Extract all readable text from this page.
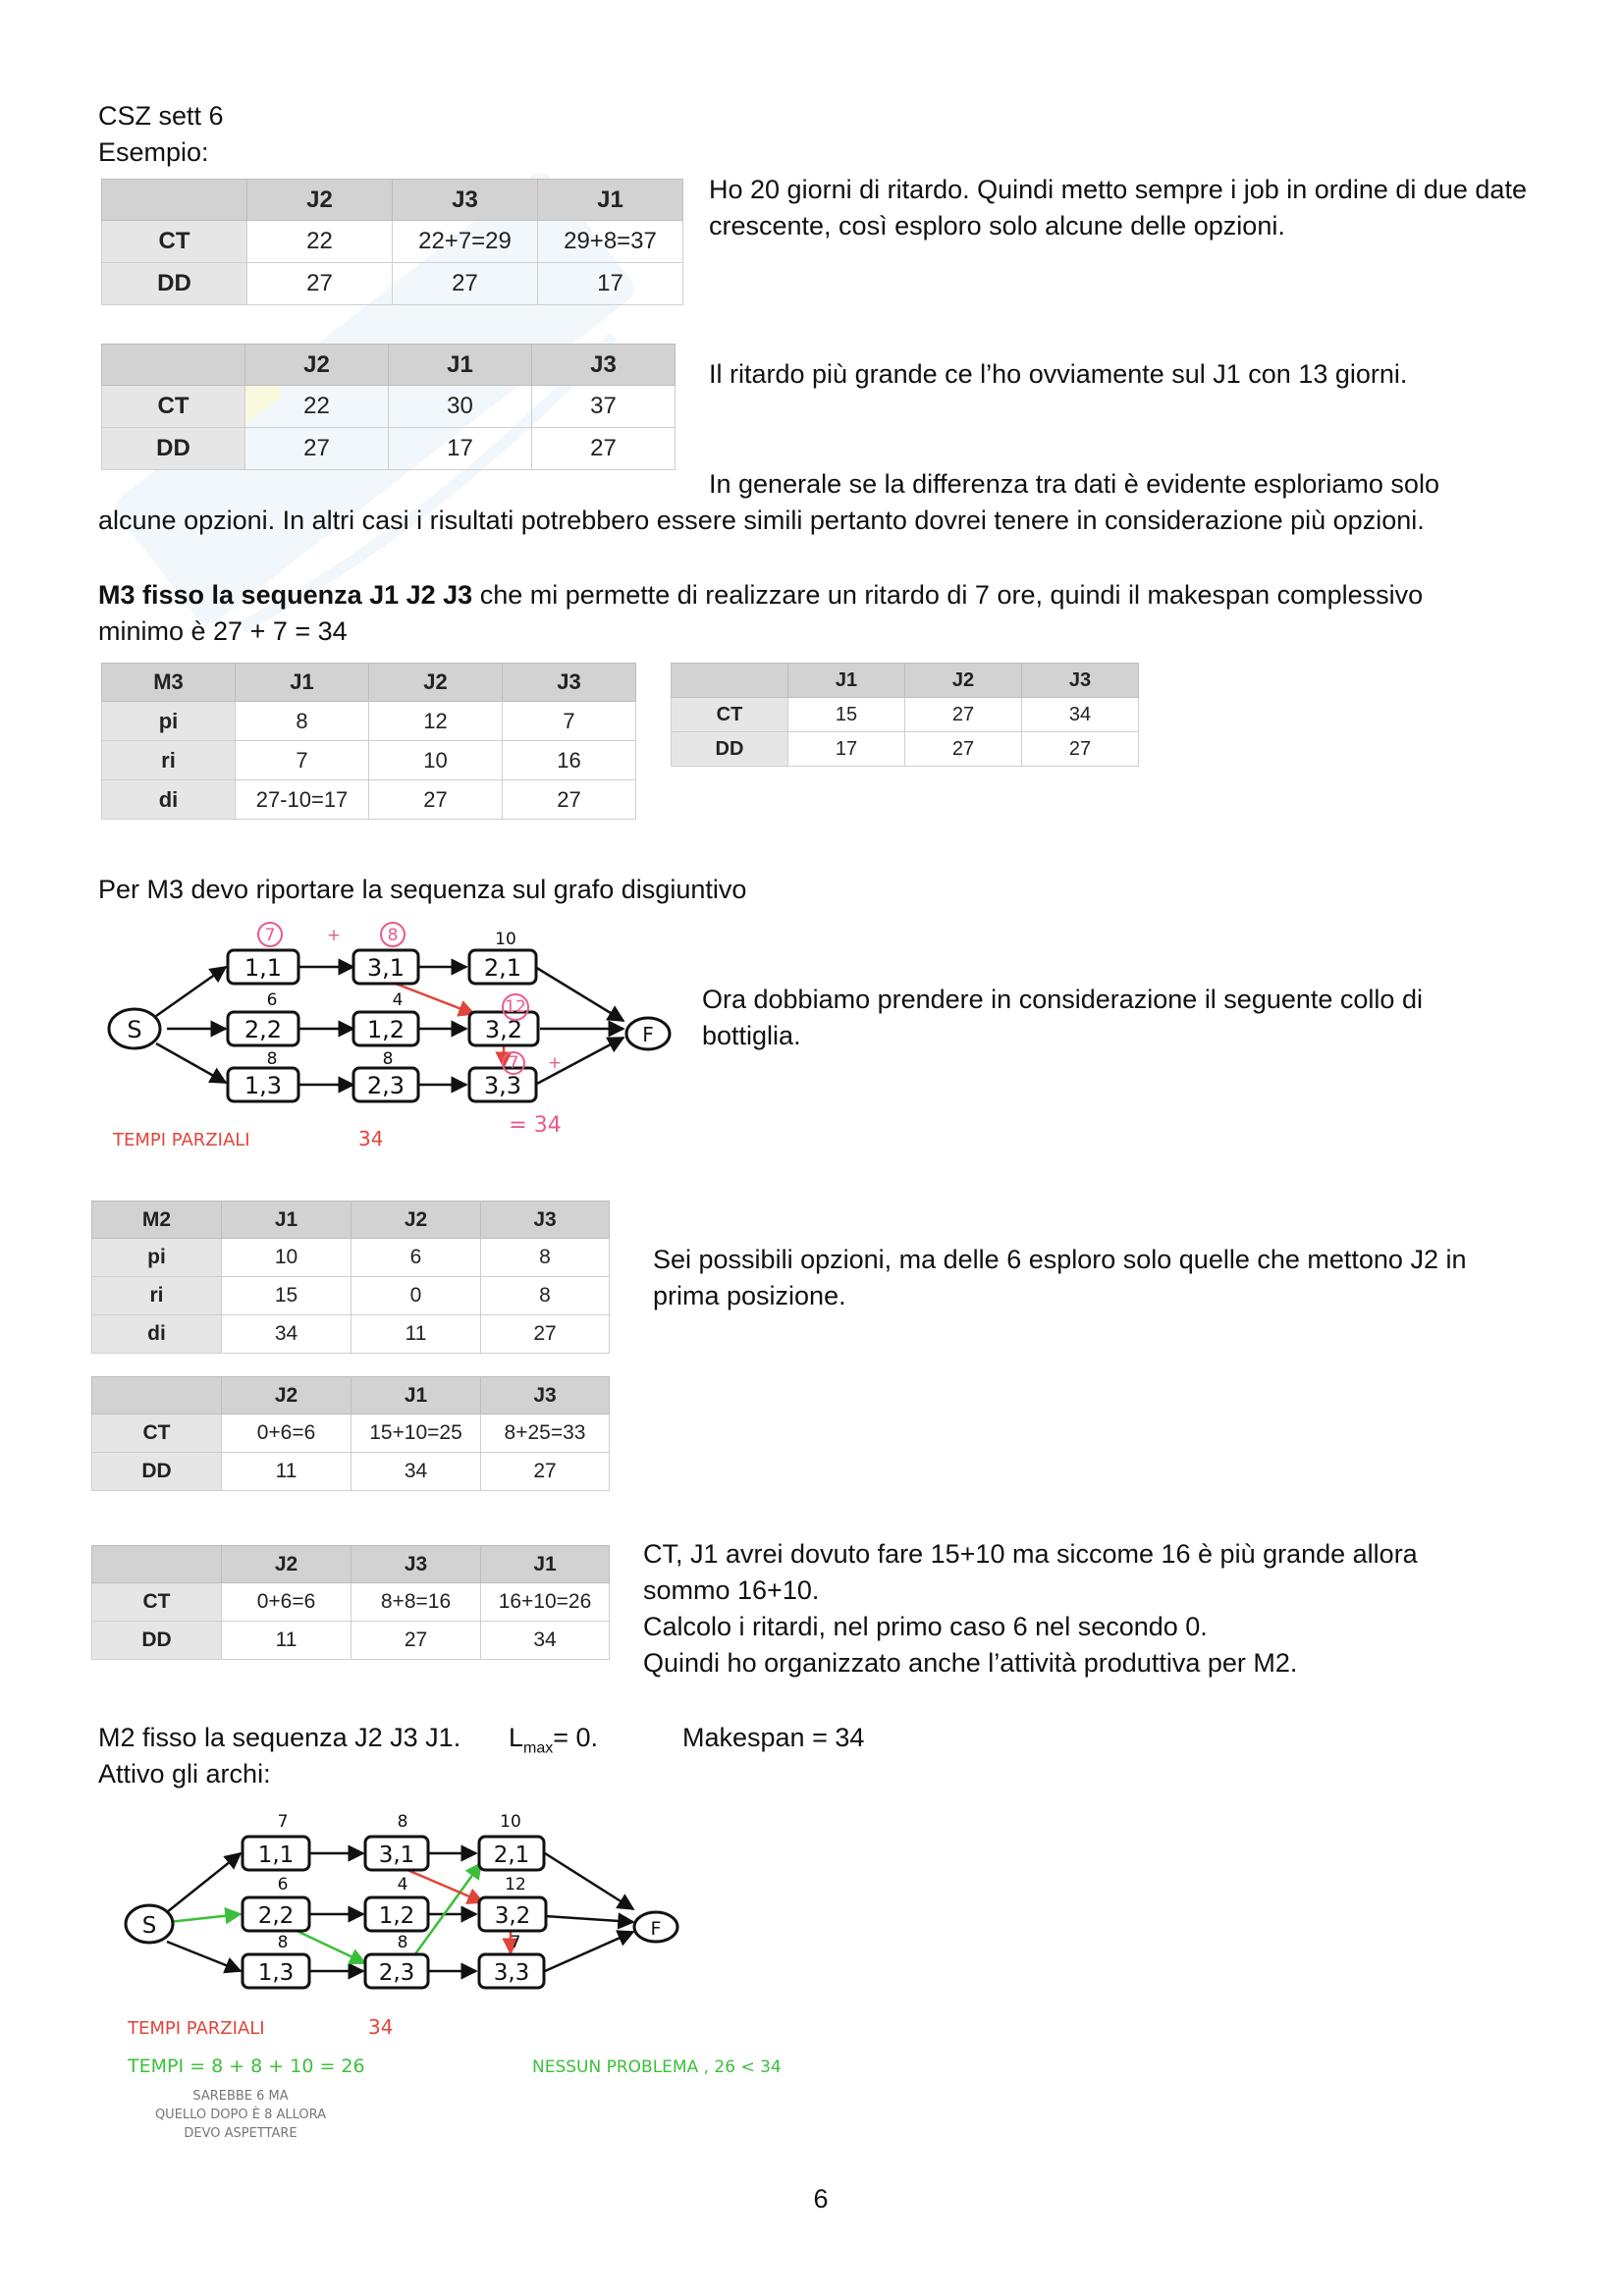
CSZ sett 6
Esempio:
	J2	J3	J1
CT	22	22+7=29	29+8=37
DD	27	27	17
Ho 20 giorni di ritardo. Quindi metto sempre i job in ordine di due date crescente, così esploro solo alcune delle opzioni.
	J2	J1	J3
CT	22	30	37
DD	27	17	27
Il ritardo più grande ce l’ho ovviamente sul J1 con 13 giorni.
In generale se la differenza tra dati è evidente esploriamo solo
alcune opzioni. In altri casi i risultati potrebbero essere simili pertanto dovrei tenere in considerazione più opzioni.
M3 fisso la sequenza J1 J2 J3 che mi permette di realizzare un ritardo di 7 ore, quindi il makespan complessivo
minimo è 27 + 7 = 34
M3	J1	J2	J3
pi	8	12	7
ri	7	10	16
di	27-10=17	27	27
	J1	J2	J3
CT	15	27	34
DD	17	27	27
Per M3 devo riportare la sequenza sul grafo disgiuntivo
S
1,1	3,1	2,1
2,2	1,2	3,2
1,3	2,3	3,3
F
7	+	8	10
6	4	12
8	8	7 +
= 34
TEMPI PARZIALI	34
Ora dobbiamo prendere in considerazione il seguente collo di bottiglia.
M2	J1	J2	J3
pi	10	6	8
ri	15	0	8
di	34	11	27
Sei possibili opzioni, ma delle 6 esploro solo quelle che mettono J2 in prima posizione.
	J2	J1	J3
CT	0+6=6	15+10=25	8+25=33
DD	11	34	27
	J2	J3	J1
CT	0+6=6	8+8=16	16+10=26
DD	11	27	34
CT, J1 avrei dovuto fare 15+10 ma siccome 16 è più grande allora
sommo 16+10.
Calcolo i ritardi, nel primo caso 6 nel secondo 0.
Quindi ho organizzato anche l’attività produttiva per M2.
M2 fisso la sequenza J2 J3 J1. $L_{max}= 0$.	Makespan = 34
Attivo gli archi:
S
1,1	3,1	2,1
2,2	1,2	3,2
1,3	2,3	3,3
F
7	8	10
6	4	12
8	8	7
TEMPI PARZIALI	34
TEMPI = 8 + 8 + 10 = 26	NESSUN PROBLEMA , 26 < 34
SAREBBE 6 MA
QUELLO DOPO È 8 ALLORA
DEVO ASPETTARE
6
